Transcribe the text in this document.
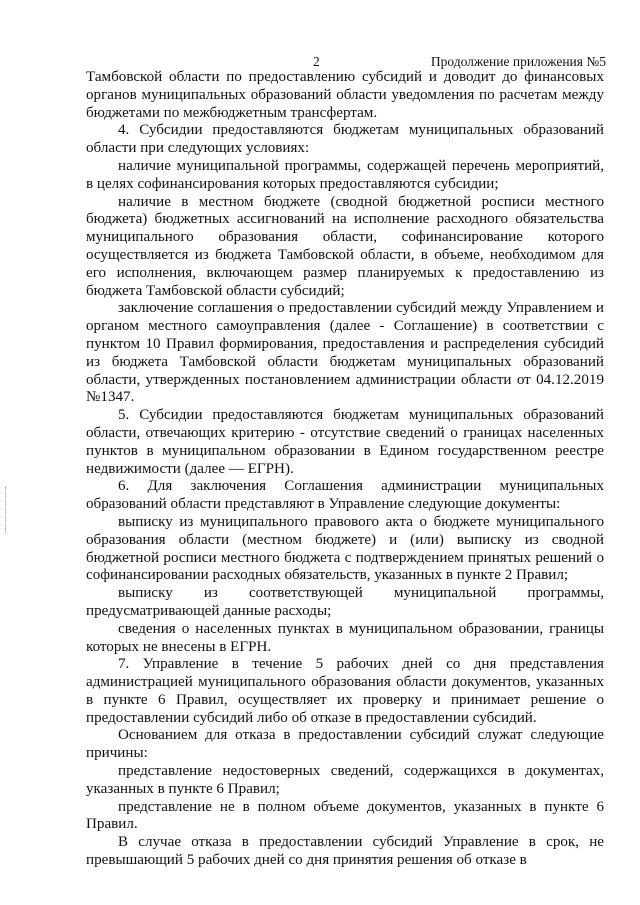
2	Продолжение приложения №5

Тамбовской области по предоставлению субсидий и доводит до финансовых органов муниципальных образований области уведомления по расчетам между бюджетами по межбюджетным трансфертам.

4. Субсидии предоставляются бюджетам муниципальных образований области при следующих условиях:

наличие муниципальной программы, содержащей перечень мероприятий, в целях софинансирования которых предоставляются субсидии;

наличие в местном бюджете (сводной бюджетной росписи местного бюджета) бюджетных ассигнований на исполнение расходного обязательства муниципального образования области, софинансирование которого осуществляется из бюджета Тамбовской области, в объеме, необходимом для его исполнения, включающем размер планируемых к предоставлению из бюджета Тамбовской области субсидий;

заключение соглашения о предоставлении субсидий между Управлением и органом местного самоуправления (далее - Соглашение) в соответствии с пунктом 10 Правил формирования, предоставления и распределения субсидий из бюджета Тамбовской области бюджетам муниципальных образований области, утвержденных постановлением администрации области от 04.12.2019 №1347.

5. Субсидии предоставляются бюджетам муниципальных образований области, отвечающих критерию - отсутствие сведений о границах населенных пунктов в муниципальном образовании в Едином государственном реестре недвижимости (далее — ЕГРН).

6. Для заключения Соглашения администрации муниципальных образований области представляют в Управление следующие документы:

выписку из муниципального правового акта о бюджете муниципального образования области (местном бюджете) и (или) выписку из сводной бюджетной росписи местного бюджета с подтверждением принятых решений о софинансировании расходных обязательств, указанных в пункте 2 Правил;

выписку из соответствующей муниципальной программы, предусматривающей данные расходы;

сведения о населенных пунктах в муниципальном образовании, границы которых не внесены в ЕГРН.

7. Управление в течение 5 рабочих дней со дня представления администрацией муниципального образования области документов, указанных в пункте 6 Правил, осуществляет их проверку и принимает решение о предоставлении субсидий либо об отказе в предоставлении субсидий.

Основанием для отказа в предоставлении субсидий служат следующие причины:

представление недостоверных сведений, содержащихся в документах, указанных в пункте 6 Правил;

представление не в полном объеме документов, указанных в пункте 6 Правил.

В случае отказа в предоставлении субсидий Управление в срок, не превышающий 5 рабочих дней со дня принятия решения об отказе в
